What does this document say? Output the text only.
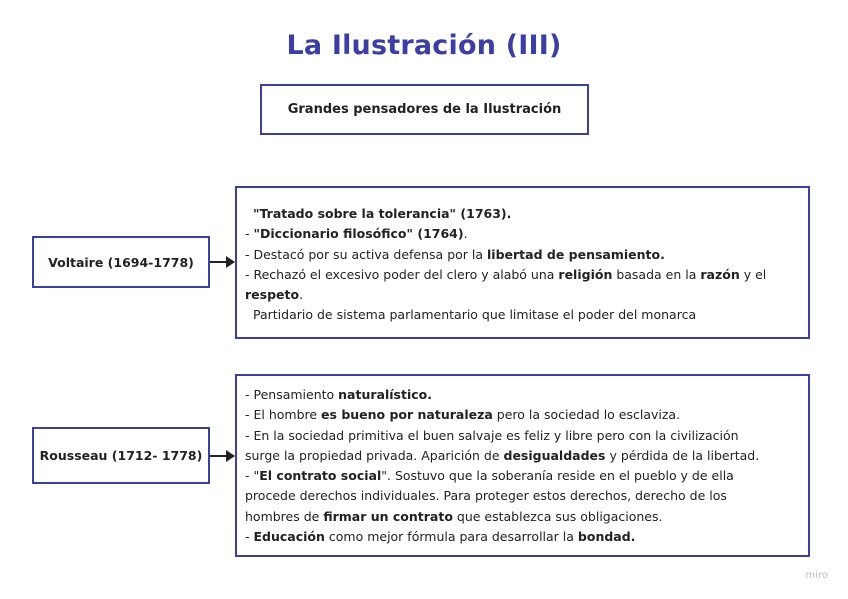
La Ilustración (III)
Grandes pensadores de la Ilustración
Voltaire (1694-1778)
"Tratado sobre la tolerancia" (1763).
- "Diccionario filosófico" (1764).
- Destacó por su activa defensa por la libertad de pensamiento.
- Rechazó el excesivo poder del clero y alabó una religión basada en la razón y el
respeto.
Partidario de sistema parlamentario que limitase el poder del monarca
Rousseau (1712- 1778)
- Pensamiento naturalístico.
- El hombre es bueno por naturaleza pero la sociedad lo esclaviza.
- En la sociedad primitiva el buen salvaje es feliz y libre pero con la civilización
surge la propiedad privada. Aparición de desigualdades y pérdida de la libertad.
- "El contrato social". Sostuvo que la soberanía reside en el pueblo y de ella
procede derechos individuales. Para proteger estos derechos, derecho de los
hombres de firmar un contrato que establezca sus obligaciones.
- Educación como mejor fórmula para desarrollar la bondad.
miro
